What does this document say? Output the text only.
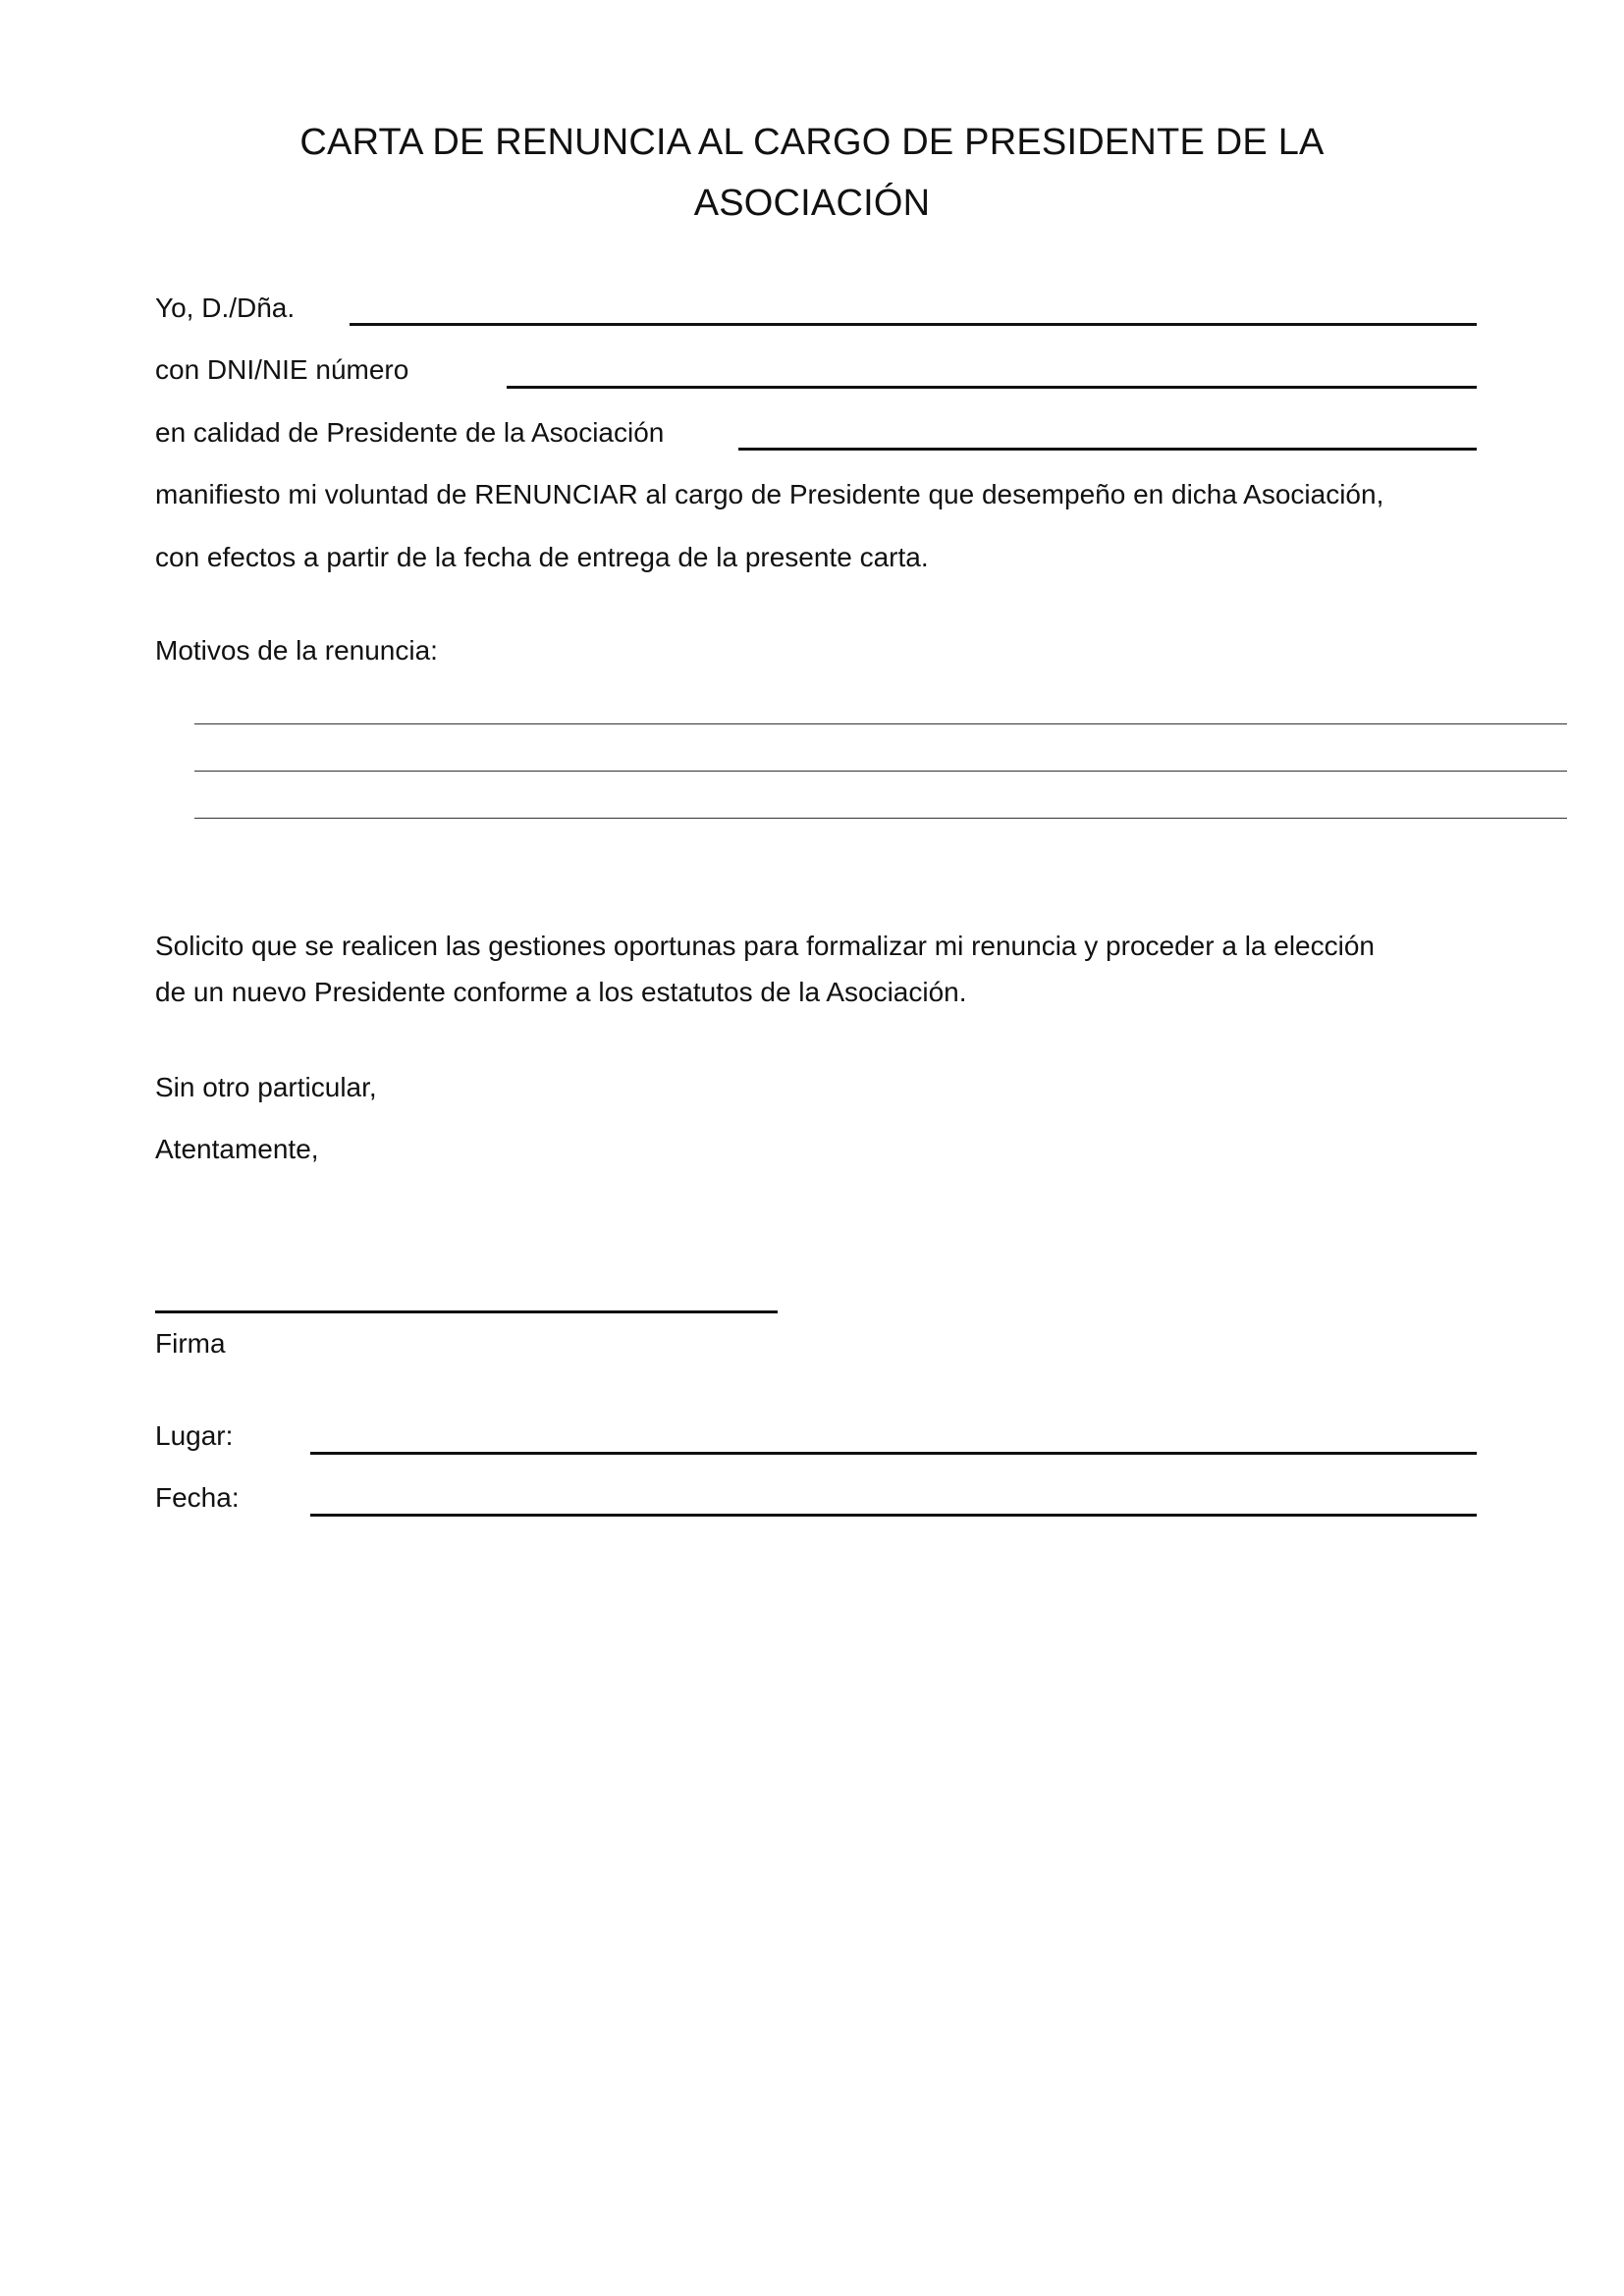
CARTA DE RENUNCIA AL CARGO DE PRESIDENTE DE LA
ASOCIACIÓN
Yo, D./Dña.
con DNI/NIE número
en calidad de Presidente de la Asociación
manifiesto mi voluntad de RENUNCIAR al cargo de Presidente que desempeño en dicha Asociación,
con efectos a partir de la fecha de entrega de la presente carta.
Motivos de la renuncia:
Solicito que se realicen las gestiones oportunas para formalizar mi renuncia y proceder a la elección
de un nuevo Presidente conforme a los estatutos de la Asociación.
Sin otro particular,
Atentamente,
Firma
Lugar:
Fecha:
